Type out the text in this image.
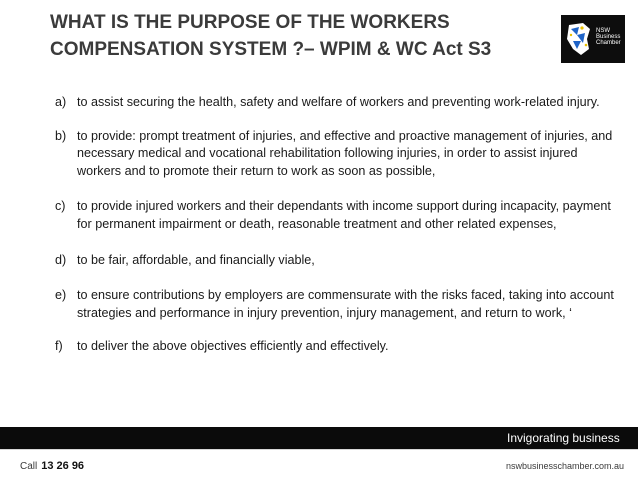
WHAT IS THE PURPOSE OF THE WORKERS COMPENSATION SYSTEM ?– WPIM & WC Act S3
NSW
Business
Chamber
a) to assist securing the health, safety and welfare of workers and preventing work-related injury.
b) to provide: prompt treatment of injuries, and effective and proactive management of injuries, and necessary medical and vocational rehabilitation following injuries, in order to assist injured workers and to promote their return to work as soon as possible,
c) to provide injured workers and their dependants with income support during incapacity, payment for permanent impairment or death, reasonable treatment and other related expenses,
d) to be fair, affordable, and financially viable,
e) to ensure contributions by employers are commensurate with the risks faced, taking into account strategies and performance in injury prevention, injury management, and return to work, ‘
f) to deliver the above objectives efficiently and effectively.
Invigorating business
Call 13 26 96	nswbusinesschamber.com.au
